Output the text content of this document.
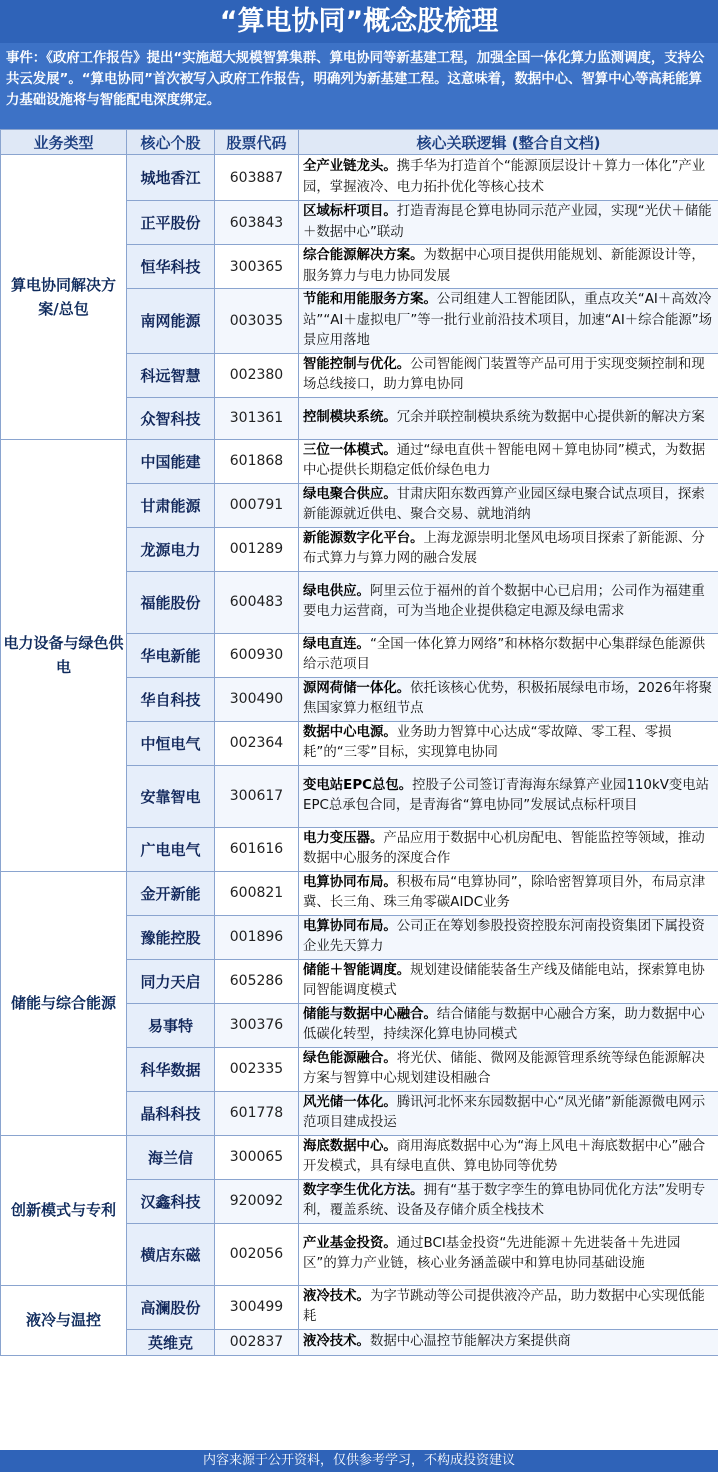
“算电协同”概念股梳理
事件：《政府工作报告》提出“实施超大规模智算集群、算电协同等新基建工程，加强全国一体化算力监测调度，支持公共云发展”。“算电协同”首次被写入政府工作报告，明确列为新基建工程。这意味着，数据中心、智算中心等高耗能算力基础设施将与智能配电深度绑定。
业务类型	核心个股	股票代码	核心关联逻辑 (整合自文档)
算电协同解决方案/总包	城地香江	603887	全产业链龙头。携手华为打造首个“能源顶层设计＋算力一体化”产业园，掌握液冷、电力拓扑优化等核心技术
	正平股份	603843	区域标杆项目。打造青海昆仑算电协同示范产业园，实现“光伏＋储能＋数据中心”联动
	恒华科技	300365	综合能源解决方案。为数据中心项目提供用能规划、新能源设计等，服务算力与电力协同发展
	南网能源	003035	节能和用能服务方案。公司组建人工智能团队，重点攻关“AI＋高效冷站”“AI＋虚拟电厂”等一批行业前沿技术项目，加速“AI＋综合能源”场景应用落地
	科远智慧	002380	智能控制与优化。公司智能阀门装置等产品可用于实现变频控制和现场总线接口，助力算电协同
	众智科技	301361	控制模块系统。冗余并联控制模块系统为数据中心提供新的解决方案
电力设备与绿色供电	中国能建	601868	三位一体模式。通过“绿电直供＋智能电网＋算电协同”模式，为数据中心提供长期稳定低价绿色电力
	甘肃能源	000791	绿电聚合供应。甘肃庆阳东数西算产业园区绿电聚合试点项目，探索新能源就近供电、聚合交易、就地消纳
	龙源电力	001289	新能源数字化平台。上海龙源崇明北堡风电场项目探索了新能源、分布式算力与算力网的融合发展
	福能股份	600483	绿电供应。阿里云位于福州的首个数据中心已启用；公司作为福建重要电力运营商，可为当地企业提供稳定电源及绿电需求
	华电新能	600930	绿电直连。“全国一体化算力网络”和林格尔数据中心集群绿色能源供给示范项目
	华自科技	300490	源网荷储一体化。依托该核心优势，积极拓展绿电市场，2026年将聚焦国家算力枢纽节点
	中恒电气	002364	数据中心电源。业务助力智算中心达成“零故障、零工程、零损耗”的“三零”目标，实现算电协同
	安靠智电	300617	变电站EPC总包。控股子公司签订青海海东绿算产业园110kV变电站EPC总承包合同，是青海省“算电协同”发展试点标杆项目
	广电电气	601616	电力变压器。产品应用于数据中心机房配电、智能监控等领域，推动数据中心服务的深度合作
储能与综合能源	金开新能	600821	电算协同布局。积极布局“电算协同”，除哈密智算项目外，布局京津冀、长三角、珠三角零碳AIDC业务
	豫能控股	001896	电算协同布局。公司正在筹划参股投资控股东河南投资集团下属投资企业先天算力
	同力天启	605286	储能＋智能调度。规划建设储能装备生产线及储能电站，探索算电协同智能调度模式
	易事特	300376	储能与数据中心融合。结合储能与数据中心融合方案，助力数据中心低碳化转型，持续深化算电协同模式
	科华数据	002335	绿色能源融合。将光伏、储能、微网及能源管理系统等绿色能源解决方案与智算中心规划建设相融合
	晶科科技	601778	风光储一体化。腾讯河北怀来东园数据中心“凤光储”新能源微电网示范项目建成投运
创新模式与专利	海兰信	300065	海底数据中心。商用海底数据中心为“海上风电＋海底数据中心”融合开发模式，具有绿电直供、算电协同等优势
	汉鑫科技	920092	数字孪生优化方法。拥有“基于数字孪生的算电协同优化方法”发明专利，覆盖系统、设备及存储介质全栈技术
	横店东磁	002056	产业基金投资。通过BCI基金投资“先进能源＋先进装备＋先进园区”的算力产业链，核心业务涵盖碳中和算电协同基础设施
液冷与温控	高澜股份	300499	液冷技术。为字节跳动等公司提供液冷产品，助力数据中心实现低能耗
	英维克	002837	液冷技术。数据中心温控节能解决方案提供商
内容来源于公开资料，仅供参考学习，不构成投资建议
